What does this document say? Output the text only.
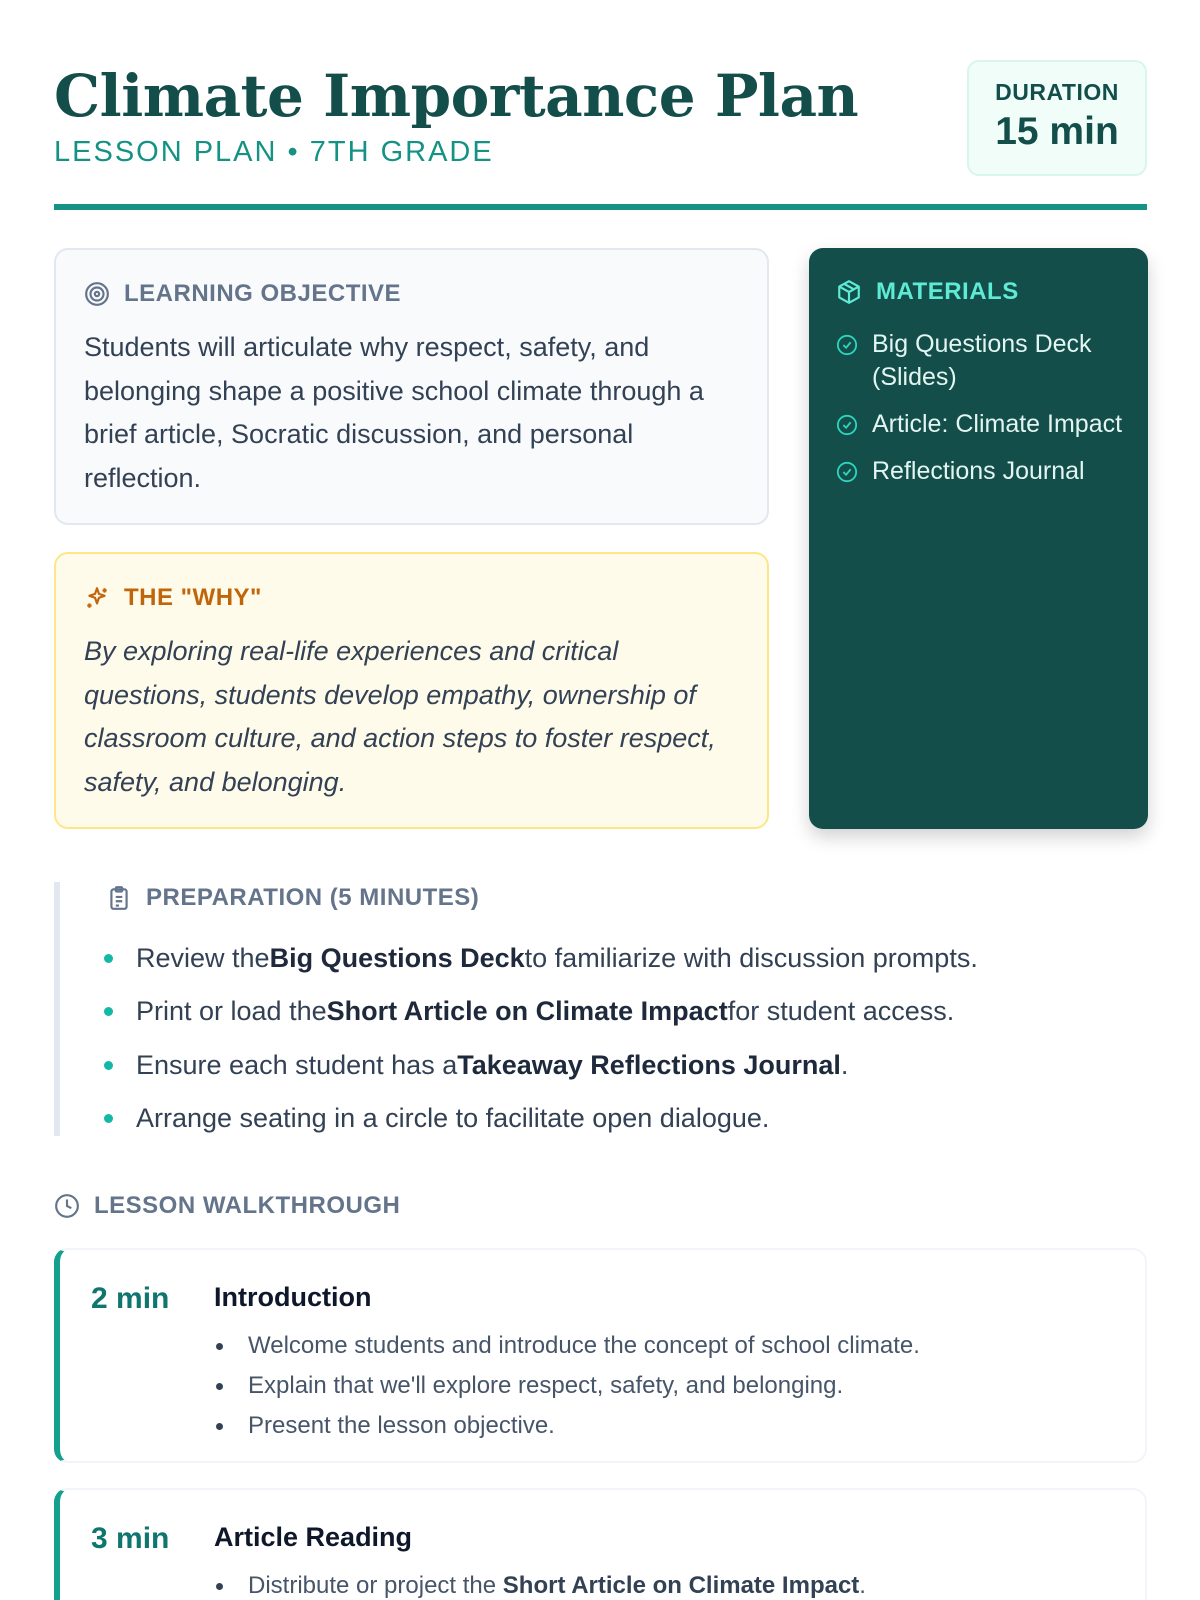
Climate Importance Plan
LESSON PLAN • 7TH GRADE
DURATION
15 min
LEARNING OBJECTIVE
Students will articulate why respect, safety, and belonging shape a positive school climate through a brief article, Socratic discussion, and personal reflection.
THE "WHY"
By exploring real-life experiences and critical questions, students develop empathy, ownership of classroom culture, and action steps to foster respect, safety, and belonging.
MATERIALS
Big Questions Deck (Slides)
Article: Climate Impact
Reflections Journal
PREPARATION (5 MINUTES)
Review theBig Questions Deckto familiarize with discussion prompts.
Print or load theShort Article on Climate Impactfor student access.
Ensure each student has aTakeaway Reflections Journal.
Arrange seating in a circle to facilitate open dialogue.
LESSON WALKTHROUGH
2 min Introduction
Welcome students and introduce the concept of school climate.
Explain that we'll explore respect, safety, and belonging.
Present the lesson objective.
3 min Article Reading
Distribute or project the Short Article on Climate Impact.
